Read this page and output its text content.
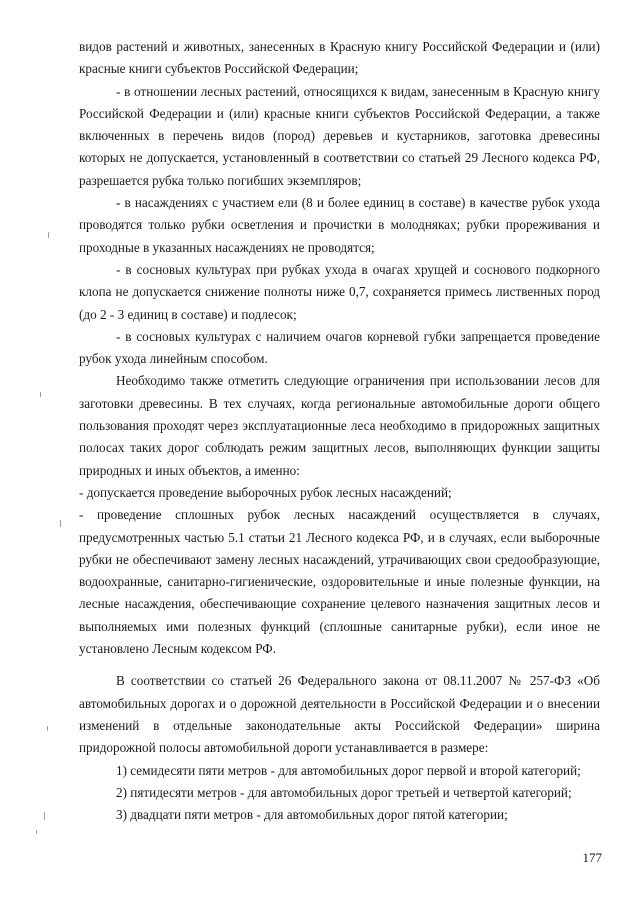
видов растений и животных, занесенных в Красную книгу Российской Федерации и (или) красные книги субъектов Российской Федерации;

- в отношении лесных растений, относящихся к видам, занесенным в Красную книгу Российской Федерации и (или) красные книги субъектов Российской Федерации, а также включенных в перечень видов (пород) деревьев и кустарников, заготовка древесины которых не допускается, установленный в соответствии со статьей 29 Лесного кодекса РФ, разрешается рубка только погибших экземпляров;

- в насаждениях с участием ели (8 и более единиц в составе) в качестве рубок ухода проводятся только рубки осветления и прочистки в молодняках; рубки прореживания и проходные в указанных насаждениях не проводятся;

- в сосновых культурах при рубках ухода в очагах хрущей и соснового подкорного клопа не допускается снижение полноты ниже 0,7, сохраняется примесь лиственных пород (до 2 - 3 единиц в составе) и подлесок;

- в сосновых культурах с наличием очагов корневой губки запрещается проведение рубок ухода линейным способом.

Необходимо также отметить следующие ограничения при использовании лесов для заготовки древесины. В тех случаях, когда региональные автомобильные дороги общего пользования проходят через эксплуатационные леса необходимо в придорожных защитных полосах таких дорог соблюдать режим защитных лесов, выполняющих функции защиты природных и иных объектов, а именно:

- допускается проведение выборочных рубок лесных насаждений;

- проведение сплошных рубок лесных насаждений осуществляется в случаях, предусмотренных частью 5.1 статьи 21 Лесного кодекса РФ, и в случаях, если выборочные рубки не обеспечивают замену лесных насаждений, утрачивающих свои средообразующие, водоохранные, санитарно-гигиенические, оздоровительные и иные полезные функции, на лесные насаждения, обеспечивающие сохранение целевого назначения защитных лесов и выполняемых ими полезных функций (сплошные санитарные рубки), если иное не установлено Лесным кодексом РФ.

В соответствии со статьей 26 Федерального закона от 08.11.2007 № 257-ФЗ «Об автомобильных дорогах и о дорожной деятельности в Российской Федерации и о внесении изменений в отдельные законодательные акты Российской Федерации» ширина придорожной полосы автомобильной дороги устанавливается в размере:

1) семидесяти пяти метров - для автомобильных дорог первой и второй категорий;

2) пятидесяти метров - для автомобильных дорог третьей и четвертой категорий;

3) двадцати пяти метров - для автомобильных дорог пятой категории;

177
